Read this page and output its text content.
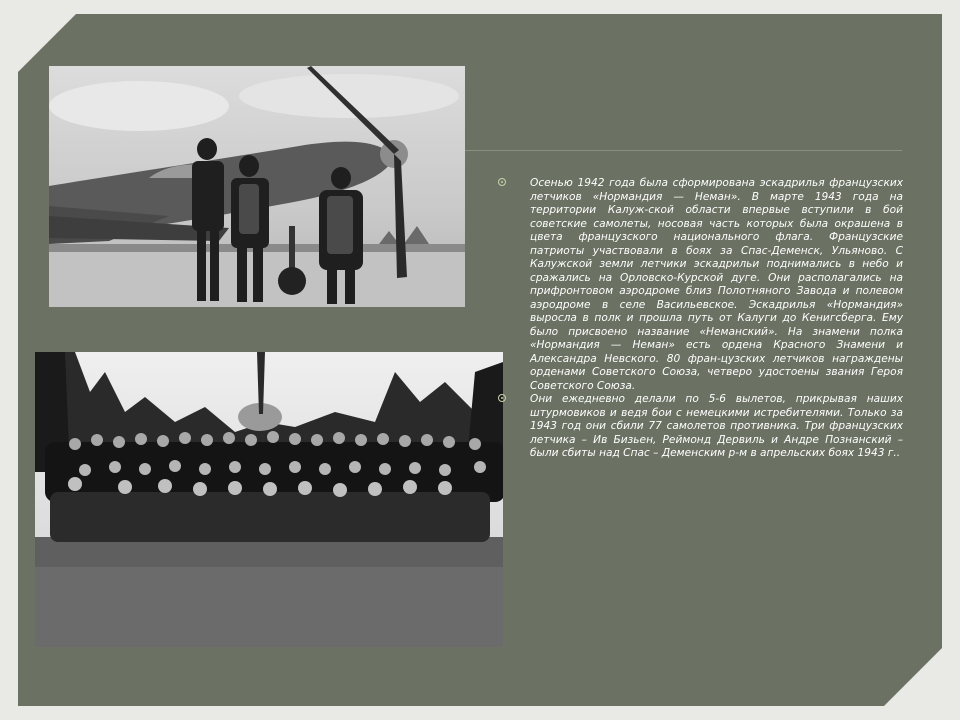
Осенью 1942 года была сформирована эскадрилья французских летчиков «Нормандия — Неман». В марте 1943 года на территории Калуж-ской области впервые вступили в бой советские самолеты, носовая часть которых была окрашена в цвета французского национального флага. Французские патриоты участвовали в боях за Спас-Деменск, Ульяново. С Калужской земли летчики эскадрильи поднимались в небо и сражались на Орловско-Курской дуге. Они располагались на прифронтовом аэродроме близ Полотняного Завода и полевом аэродроме в селе Васильевское. Эскадрилья «Нормандия» выросла в полк и прошла путь от Калуги до Кенигсберга. Ему было присвоено название «Неманский». На знамени полка «Нормандия — Неман» есть ордена Красного Знамени и Александра Невского. 80 фран-цузских летчиков награждены орденами Советского Союза, четверо удостоены звания Героя Советского Союза.

Они ежедневно делали по 5-6 вылетов, прикрывая наших штурмовиков и ведя бои с немецкими истребителями. Только за 1943 год они сбили 77 самолетов противника. Три французских летчика – Ив Бизьен, Реймонд Дервиль и Андре Познанский – были сбиты над Спас – Деменским р-м в апрельских боях 1943 г..
